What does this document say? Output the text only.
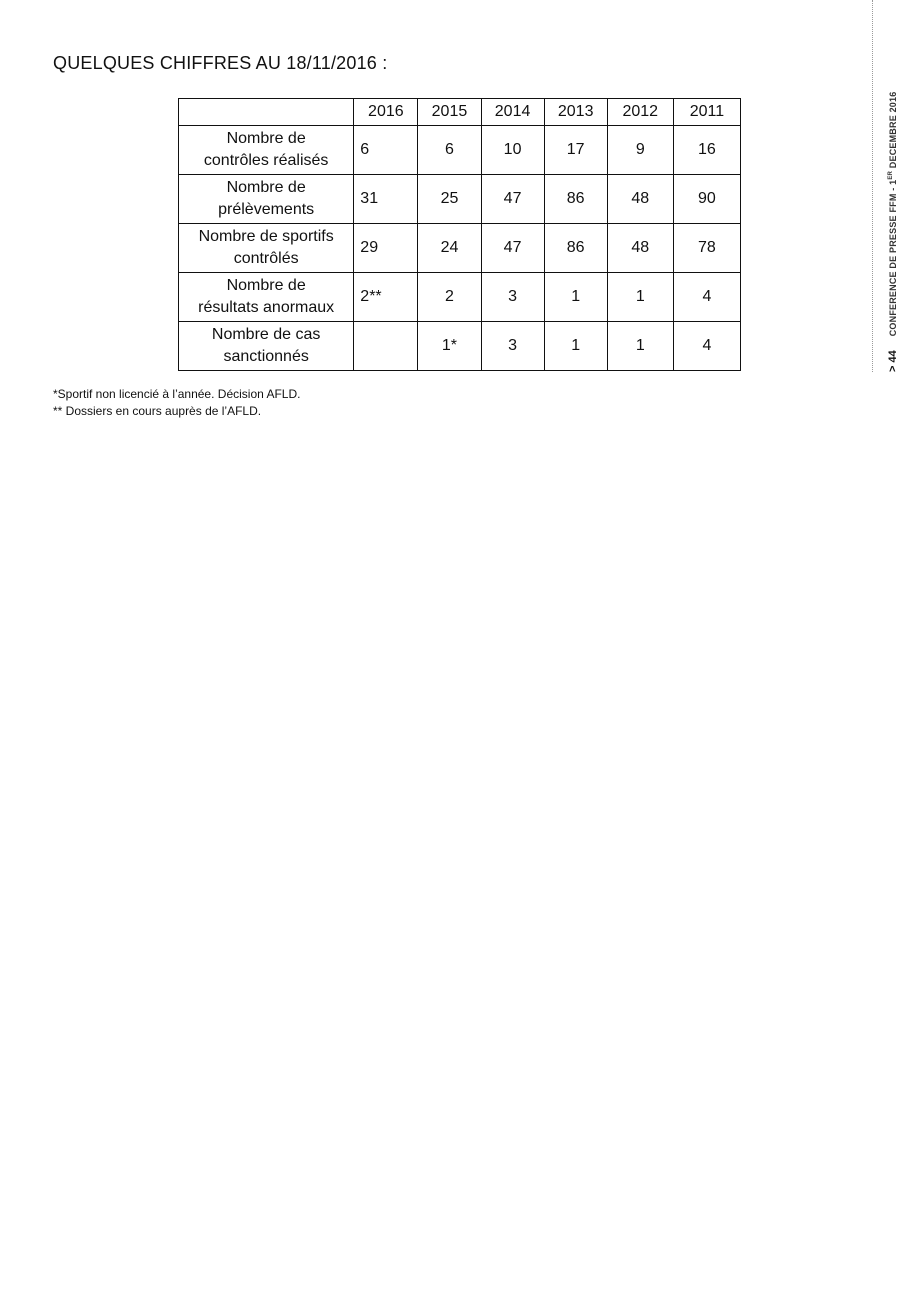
QUELQUES CHIFFRES AU 18/11/2016 :
	2016	2015	2014	2013	2012	2011
Nombre de
contrôles réalisés	6	6	10	17	9	16
Nombre de
prélèvements	31	25	47	86	48	90
Nombre de sportifs
contrôlés	29	24	47	86	48	78
Nombre de
résultats anormaux	2**	2	3	1	1	4
Nombre de cas
sanctionnés		1*	3	1	1	4

*Sportif non licencié à l’année. Décision AFLD.

** Dossiers en cours auprès de l’AFLD.

> 44CONFERENCE DE PRESSE FFM - 1ER DECEMBRE 2016
